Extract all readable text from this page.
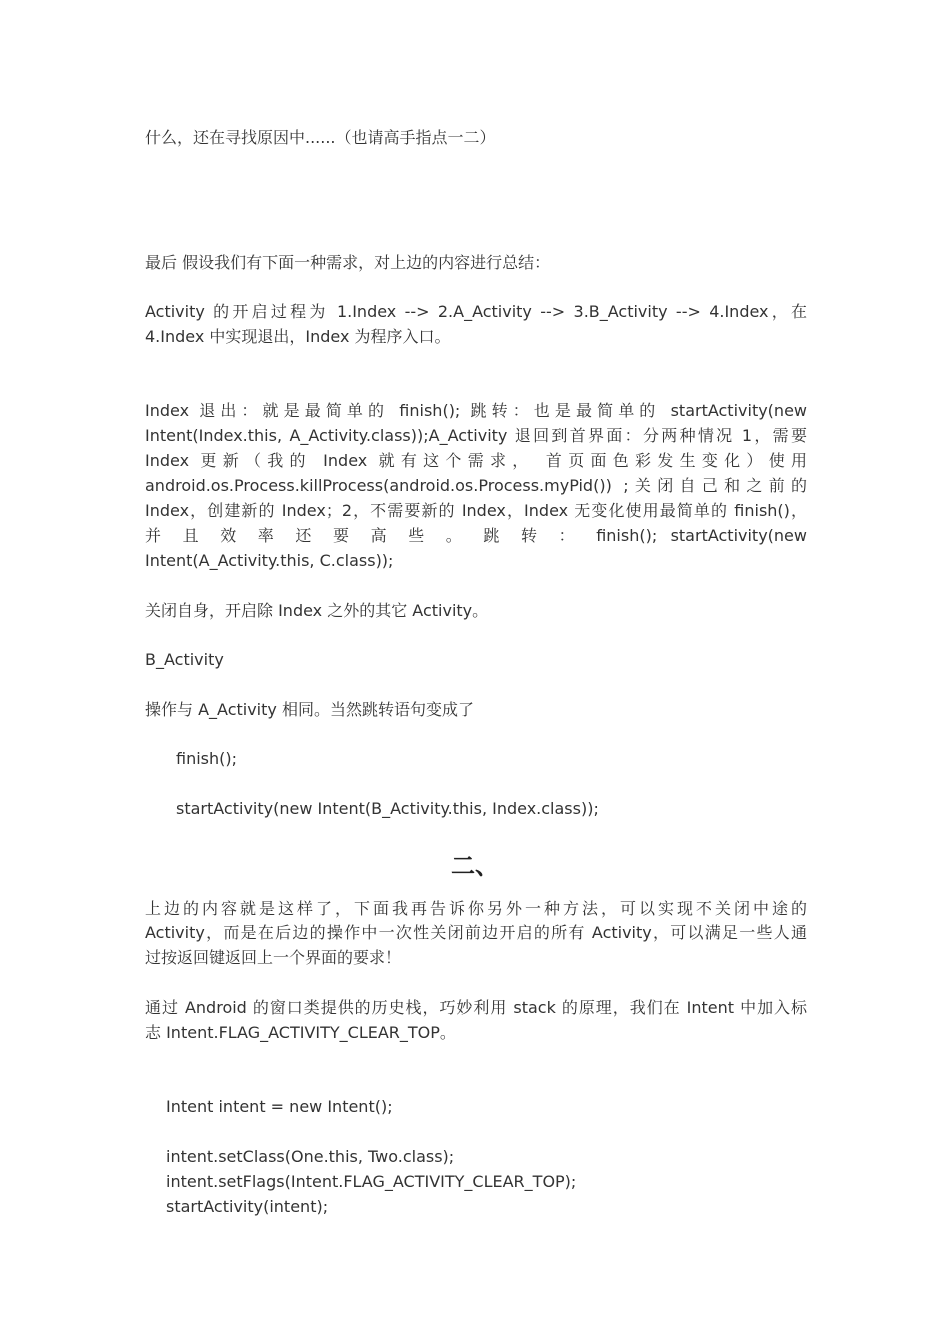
什么，还在寻找原因中......（也请高手指点一二）
最后 假设我们有下面一种需求，对上边的内容进行总结：
Activity 的开启过程为 1.Index --> 2.A_Activity --> 3.B_Activity --> 4.Index，在
4.Index 中实现退出，Index 为程序入口。
Index 退出：就是最简单的 finish(); 跳转：也是最简单的 startActivity(new
Intent(Index.this, A_Activity.class));A_Activity 退回到首界面：分两种情况 1，需要
Index 更新（我的 Index 就有这个需求， 首页面色彩发生变化）使用
android.os.Process.killProcess(android.os.Process.myPid()) ;关闭自己和之前的
Index，创建新的 Index；2，不需要新的 Index，Index 无变化使用最简单的 finish()，
并 且 效 率 还 要 高 些 。 跳 转 ： finish(); startActivity(new
Intent(A_Activity.this, C.class));
关闭自身，开启除 Index 之外的其它 Activity。
B_Activity
操作与 A_Activity 相同。当然跳转语句变成了
finish();
startActivity(new Intent(B_Activity.this, Index.class));
二、
上边的内容就是这样了，下面我再告诉你另外一种方法，可以实现不关闭中途的
Activity，而是在后边的操作中一次性关闭前边开启的所有 Activity，可以满足一些人通
过按返回键返回上一个界面的要求！
通过 Android 的窗口类提供的历史栈，巧妙利用 stack 的原理，我们在 Intent 中加入标
志 Intent.FLAG_ACTIVITY_CLEAR_TOP。
Intent intent = new Intent();
intent.setClass(One.this, Two.class);
intent.setFlags(Intent.FLAG_ACTIVITY_CLEAR_TOP);
startActivity(intent);
